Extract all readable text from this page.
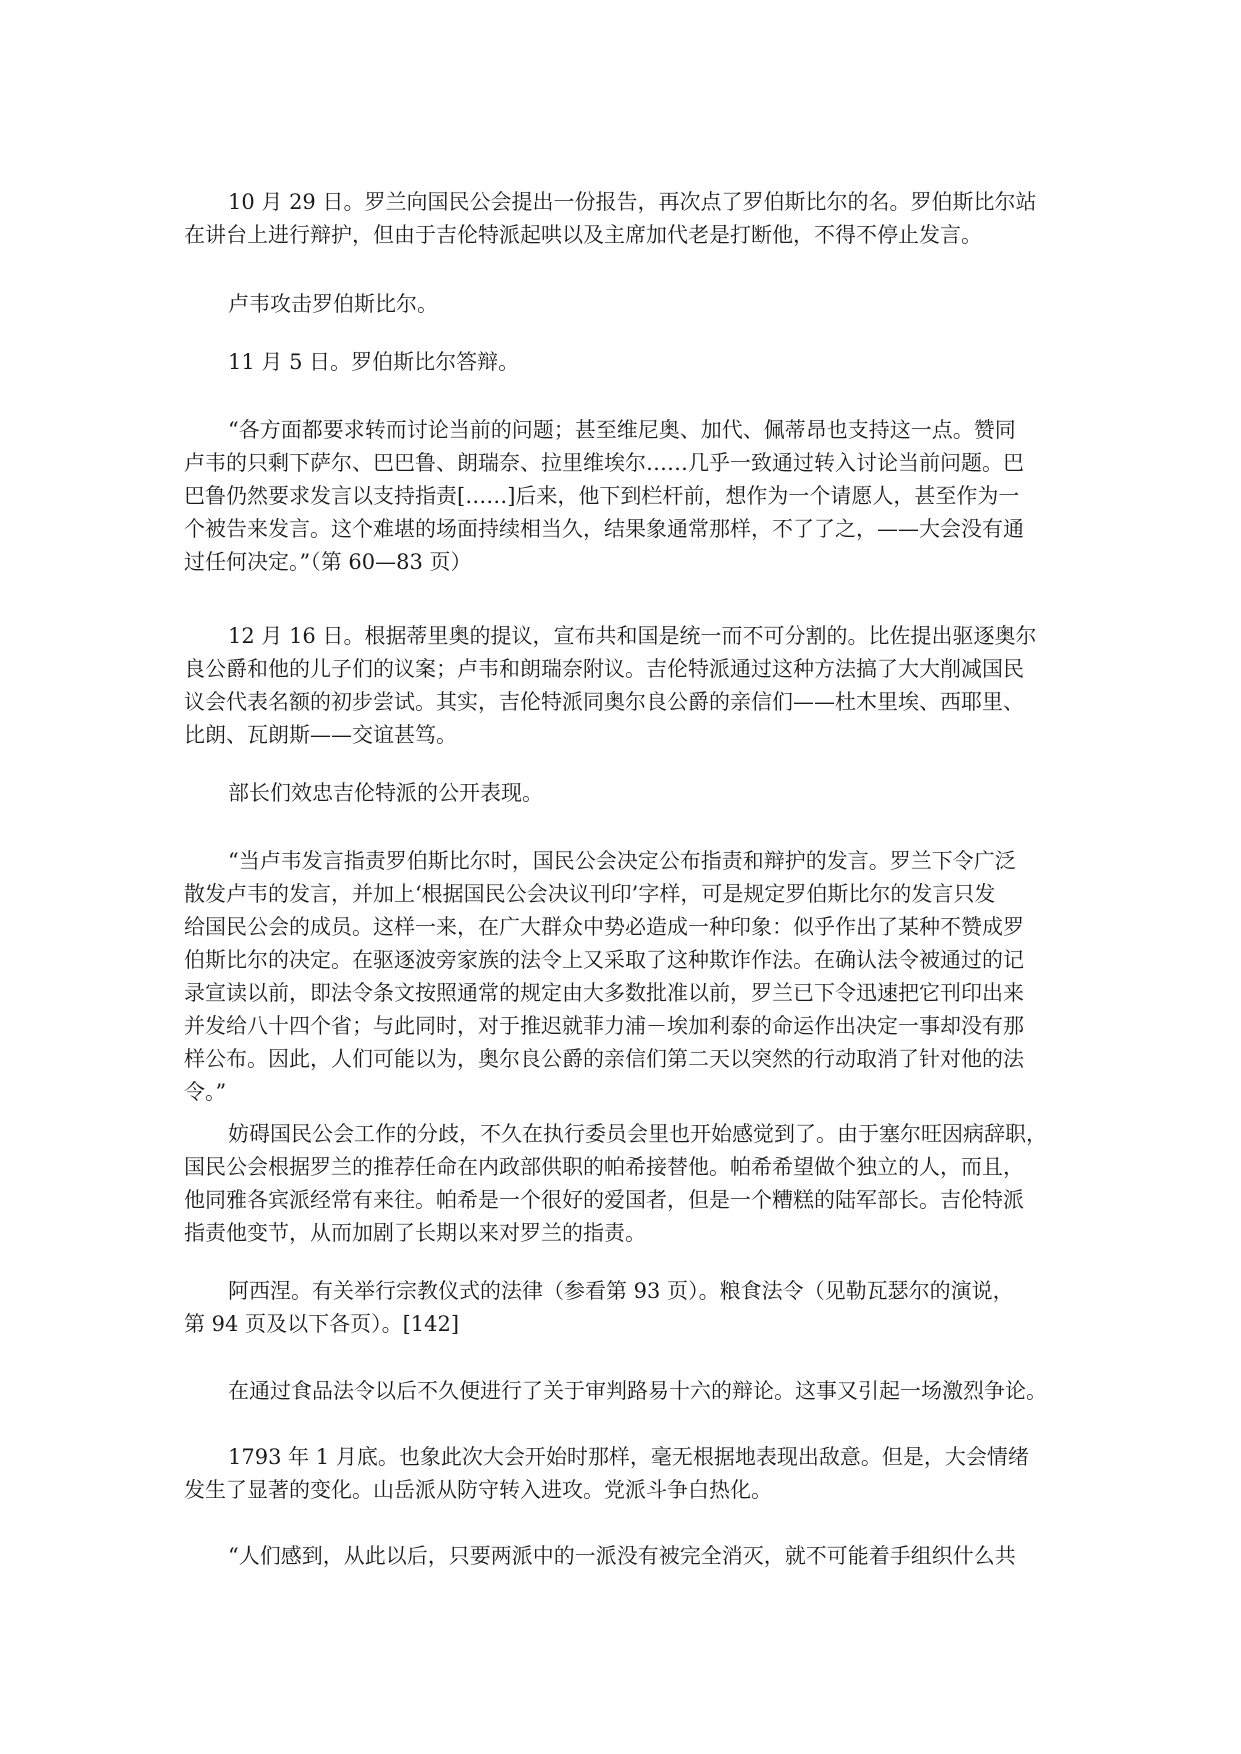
10 月 29 日。罗兰向国民公会提出一份报告，再次点了罗伯斯比尔的名。罗伯斯比尔站
在讲台上进行辩护，但由于吉伦特派起哄以及主席加代老是打断他，不得不停止发言。
卢韦攻击罗伯斯比尔。
11 月 5 日。罗伯斯比尔答辩。
“各方面都要求转而讨论当前的问题；甚至维尼奥、加代、佩蒂昂也支持这一点。赞同
卢韦的只剩下萨尔、巴巴鲁、朗瑞奈、拉里维埃尔……几乎一致通过转入讨论当前问题。巴
巴鲁仍然要求发言以支持指责[……]后来，他下到栏杆前，想作为一个请愿人，甚至作为一
个被告来发言。这个难堪的场面持续相当久，结果象通常那样，不了了之，——大会没有通
过任何决定。”（第 60—83 页）
12 月 16 日。根据蒂里奥的提议，宣布共和国是统一而不可分割的。比佐提出驱逐奥尔
良公爵和他的儿子们的议案；卢韦和朗瑞奈附议。吉伦特派通过这种方法搞了大大削减国民
议会代表名额的初步尝试。其实，吉伦特派同奥尔良公爵的亲信们——杜木里埃、西耶里、
比朗、瓦朗斯——交谊甚笃。
部长们效忠吉伦特派的公开表现。
“当卢韦发言指责罗伯斯比尔时，国民公会决定公布指责和辩护的发言。罗兰下令广泛
散发卢韦的发言，并加上‘根据国民公会决议刊印’字样，可是规定罗伯斯比尔的发言只发
给国民公会的成员。这样一来，在广大群众中势必造成一种印象：似乎作出了某种不赞成罗
伯斯比尔的决定。在驱逐波旁家族的法令上又采取了这种欺诈作法。在确认法令被通过的记
录宣读以前，即法令条文按照通常的规定由大多数批准以前，罗兰已下令迅速把它刊印出来
并发给八十四个省；与此同时，对于推迟就菲力浦－埃加利泰的命运作出决定一事却没有那
样公布。因此，人们可能以为，奥尔良公爵的亲信们第二天以突然的行动取消了针对他的法
令。”
妨碍国民公会工作的分歧，不久在执行委员会里也开始感觉到了。由于塞尔旺因病辞职，
国民公会根据罗兰的推荐任命在内政部供职的帕希接替他。帕希希望做个独立的人，而且，
他同雅各宾派经常有来往。帕希是一个很好的爱国者，但是一个糟糕的陆军部长。吉伦特派
指责他变节，从而加剧了长期以来对罗兰的指责。
阿西涅。有关举行宗教仪式的法律（参看第 93 页）。粮食法令（见勒瓦瑟尔的演说，
第 94 页及以下各页）。[142]
在通过食品法令以后不久便进行了关于审判路易十六的辩论。这事又引起一场激烈争论。
1793 年 1 月底。也象此次大会开始时那样，毫无根据地表现出敌意。但是，大会情绪
发生了显著的变化。山岳派从防守转入进攻。党派斗争白热化。
“人们感到，从此以后，只要两派中的一派没有被完全消灭，就不可能着手组织什么共
